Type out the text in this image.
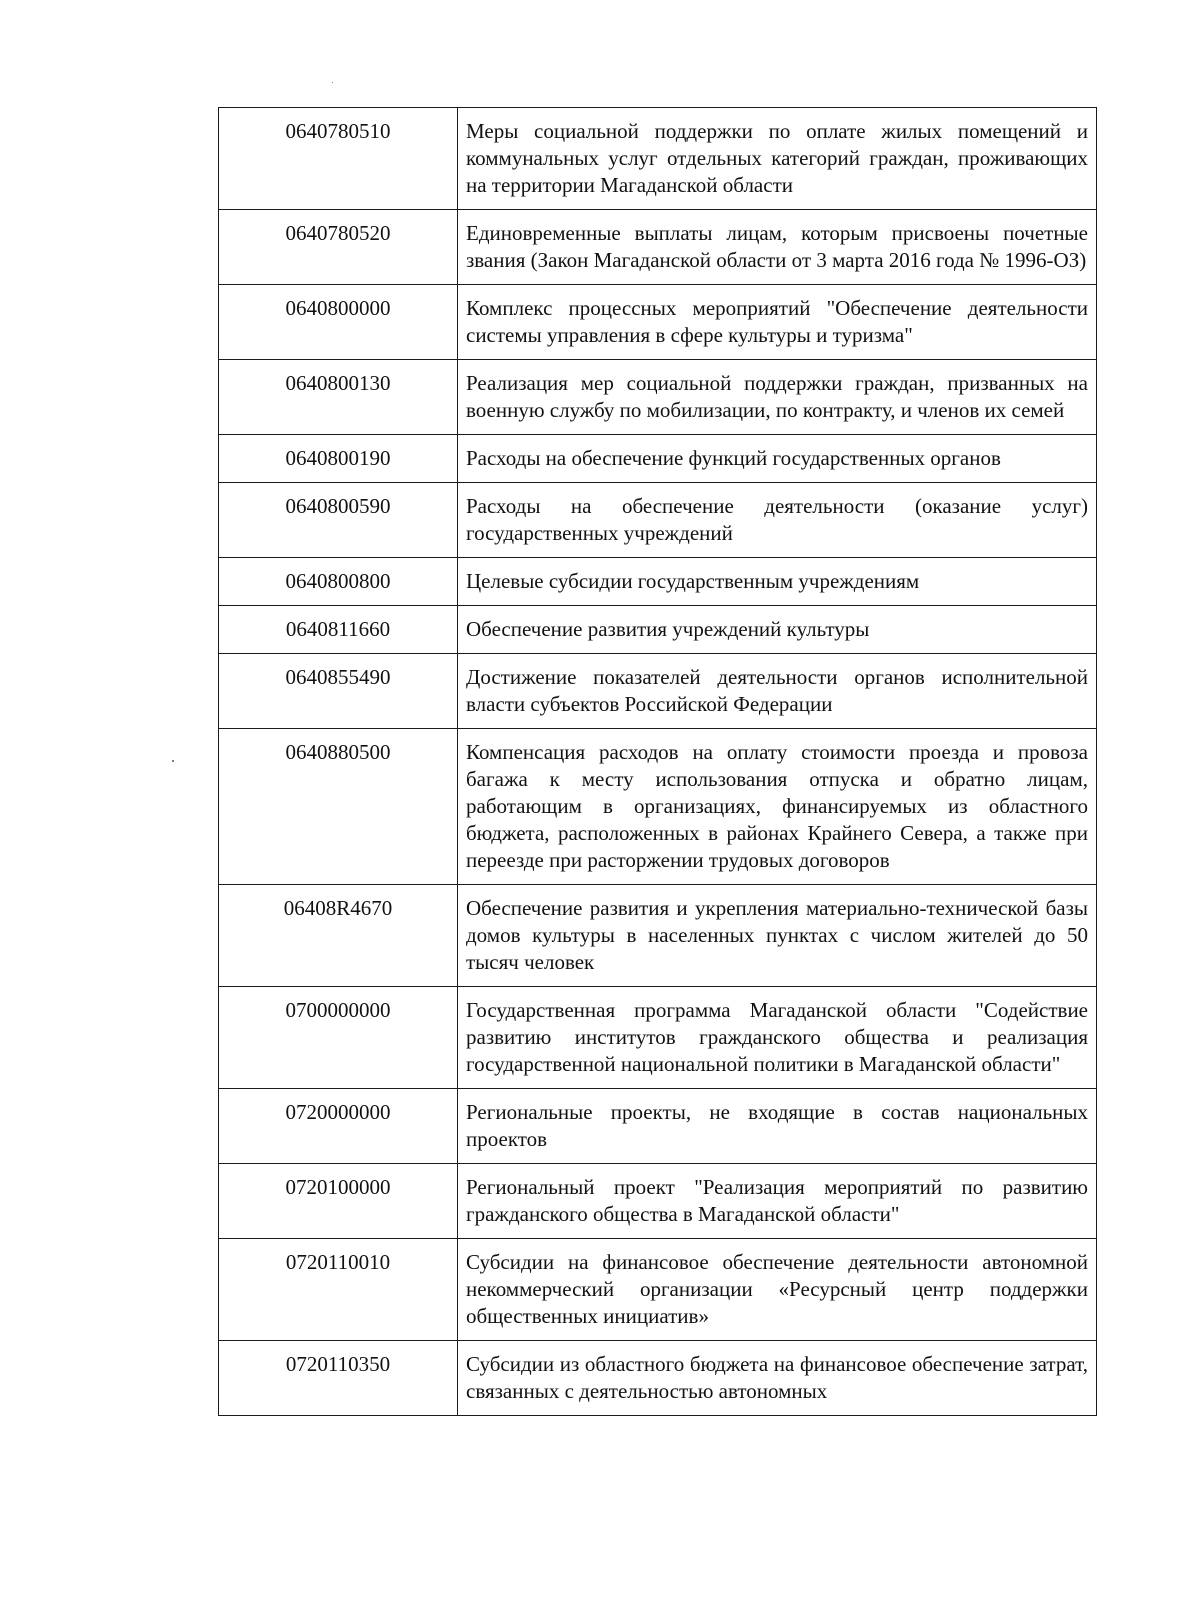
0640780510	Меры социальной поддержки по оплате жилых помещений и коммунальных услуг отдельных категорий граждан, проживающих на территории Магаданской области
0640780520	Единовременные выплаты лицам, которым присвоены почетные звания (Закон Магаданской области от 3 марта 2016 года № 1996-ОЗ)
0640800000	Комплекс процессных мероприятий "Обеспечение деятельности системы управления в сфере культуры и туризма"
0640800130	Реализация мер социальной поддержки граждан, призванных на военную службу по мобилизации, по контракту, и членов их семей
0640800190	Расходы на обеспечение функций государственных органов
0640800590	Расходы на обеспечение деятельности (оказание услуг) государственных учреждений
0640800800	Целевые субсидии государственным учреждениям
0640811660	Обеспечение развития учреждений культуры
0640855490	Достижение показателей деятельности органов исполнительной власти субъектов Российской Федерации
0640880500	Компенсация расходов на оплату стоимости проезда и провоза багажа к месту использования отпуска и обратно лицам, работающим в организациях, финансируемых из областного бюджета, расположенных в районах Крайнего Севера, а также при переезде при расторжении трудовых договоров
06408R4670	Обеспечение развития и укрепления материально-технической базы домов культуры в населенных пунктах с числом жителей до 50 тысяч человек
0700000000	Государственная программа Магаданской области "Содействие развитию институтов гражданского общества и реализация государственной национальной политики в Магаданской области"
0720000000	Региональные проекты, не входящие в состав национальных проектов
0720100000	Региональный проект "Реализация мероприятий по развитию гражданского общества в Магаданской области"
0720110010	Субсидии на финансовое обеспечение деятельности автономной некоммерческий организации «Ресурсный центр поддержки общественных инициатив»
0720110350	Субсидии из областного бюджета на финансовое обеспечение затрат, связанных с деятельностью автономных
